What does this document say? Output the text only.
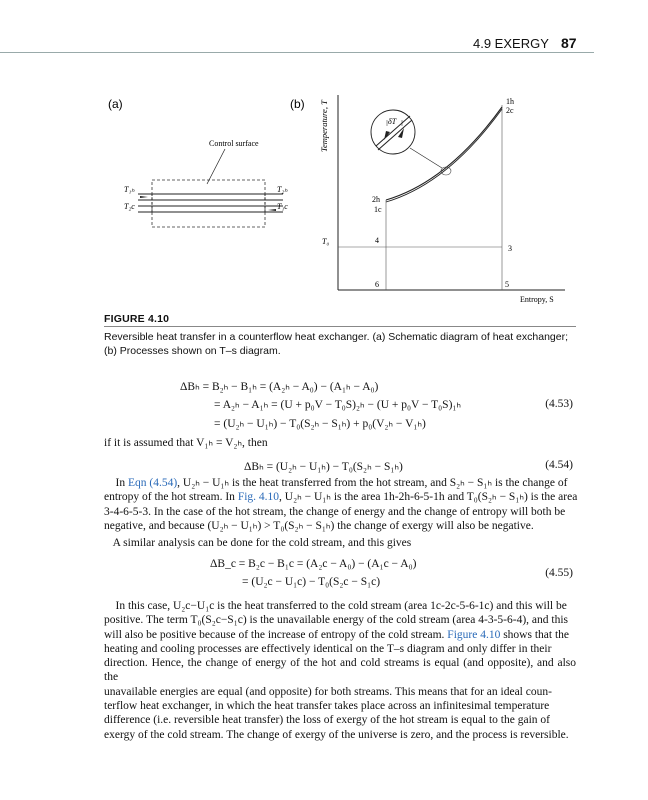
4.9 EXERGY 87
(a)
Control surface
T₁ₕ
T₂c
T₂ₕ
T₁c
(b) Temperature, T
Entropy, S
T₀
δT
1h
2c
2h
1c
3
4
5
6
FIGURE 4.10
Reversible heat transfer in a counterflow heat exchanger. (a) Schematic diagram of heat exchanger;
(b) Processes shown on T–s diagram.
ΔBₕ = B₂ₕ − B₁ₕ = (A₂ₕ − A₀) − (A₁ₕ − A₀)
= A₂ₕ − A₁ₕ = (U + p₀V − T₀S)₂ₕ − (U + p₀V − T₀S)₁ₕ
= (U₂ₕ − U₁ₕ) − T₀(S₂ₕ − S₁ₕ) + p₀(V₂ₕ − V₁ₕ)
(4.53)
if it is assumed that V₁ₕ = V₂ₕ, then
ΔBₕ = (U₂ₕ − U₁ₕ) − T₀(S₂ₕ − S₁ₕ)	(4.54)
In Eqn (4.54), U₂ₕ − U₁ₕ is the heat transferred from the hot stream, and S₂ₕ − S₁ₕ is the change of
entropy of the hot stream. In Fig. 4.10, U₂ₕ − U₁ₕ is the area 1h-2h-6-5-1h and T₀(S₂ₕ − S₁ₕ) is the area
3-4-6-5-3. In the case of the hot stream, the change of energy and the change of entropy will both be
negative, and because (U₂ₕ − U₁ₕ) > T₀(S₂ₕ − S₁ₕ) the change of exergy will also be negative.
A similar analysis can be done for the cold stream, and this gives
ΔB_c = B₂c − B₁c = (A₂c − A₀) − (A₁c − A₀)
= (U₂c − U₁c) − T₀(S₂c − S₁c)
(4.55)
In this case, U₂c−U₁c is the heat transferred to the cold stream (area 1c-2c-5-6-1c) and this will be
positive. The term T₀(S₂c−S₁c) is the unavailable energy of the cold stream (area 4-3-5-6-4), and this
will also be positive because of the increase of entropy of the cold stream. Figure 4.10 shows that the
heating and cooling processes are effectively identical on the T–s diagram and only differ in their
direction. Hence, the change of energy of the hot and cold streams is equal (and opposite), and also the
unavailable energies are equal (and opposite) for both streams. This means that for an ideal coun-
terflow heat exchanger, in which the heat transfer takes place across an infinitesimal temperature
difference (i.e. reversible heat transfer) the loss of exergy of the hot stream is equal to the gain of
exergy of the cold stream. The change of exergy of the universe is zero, and the process is reversible.
